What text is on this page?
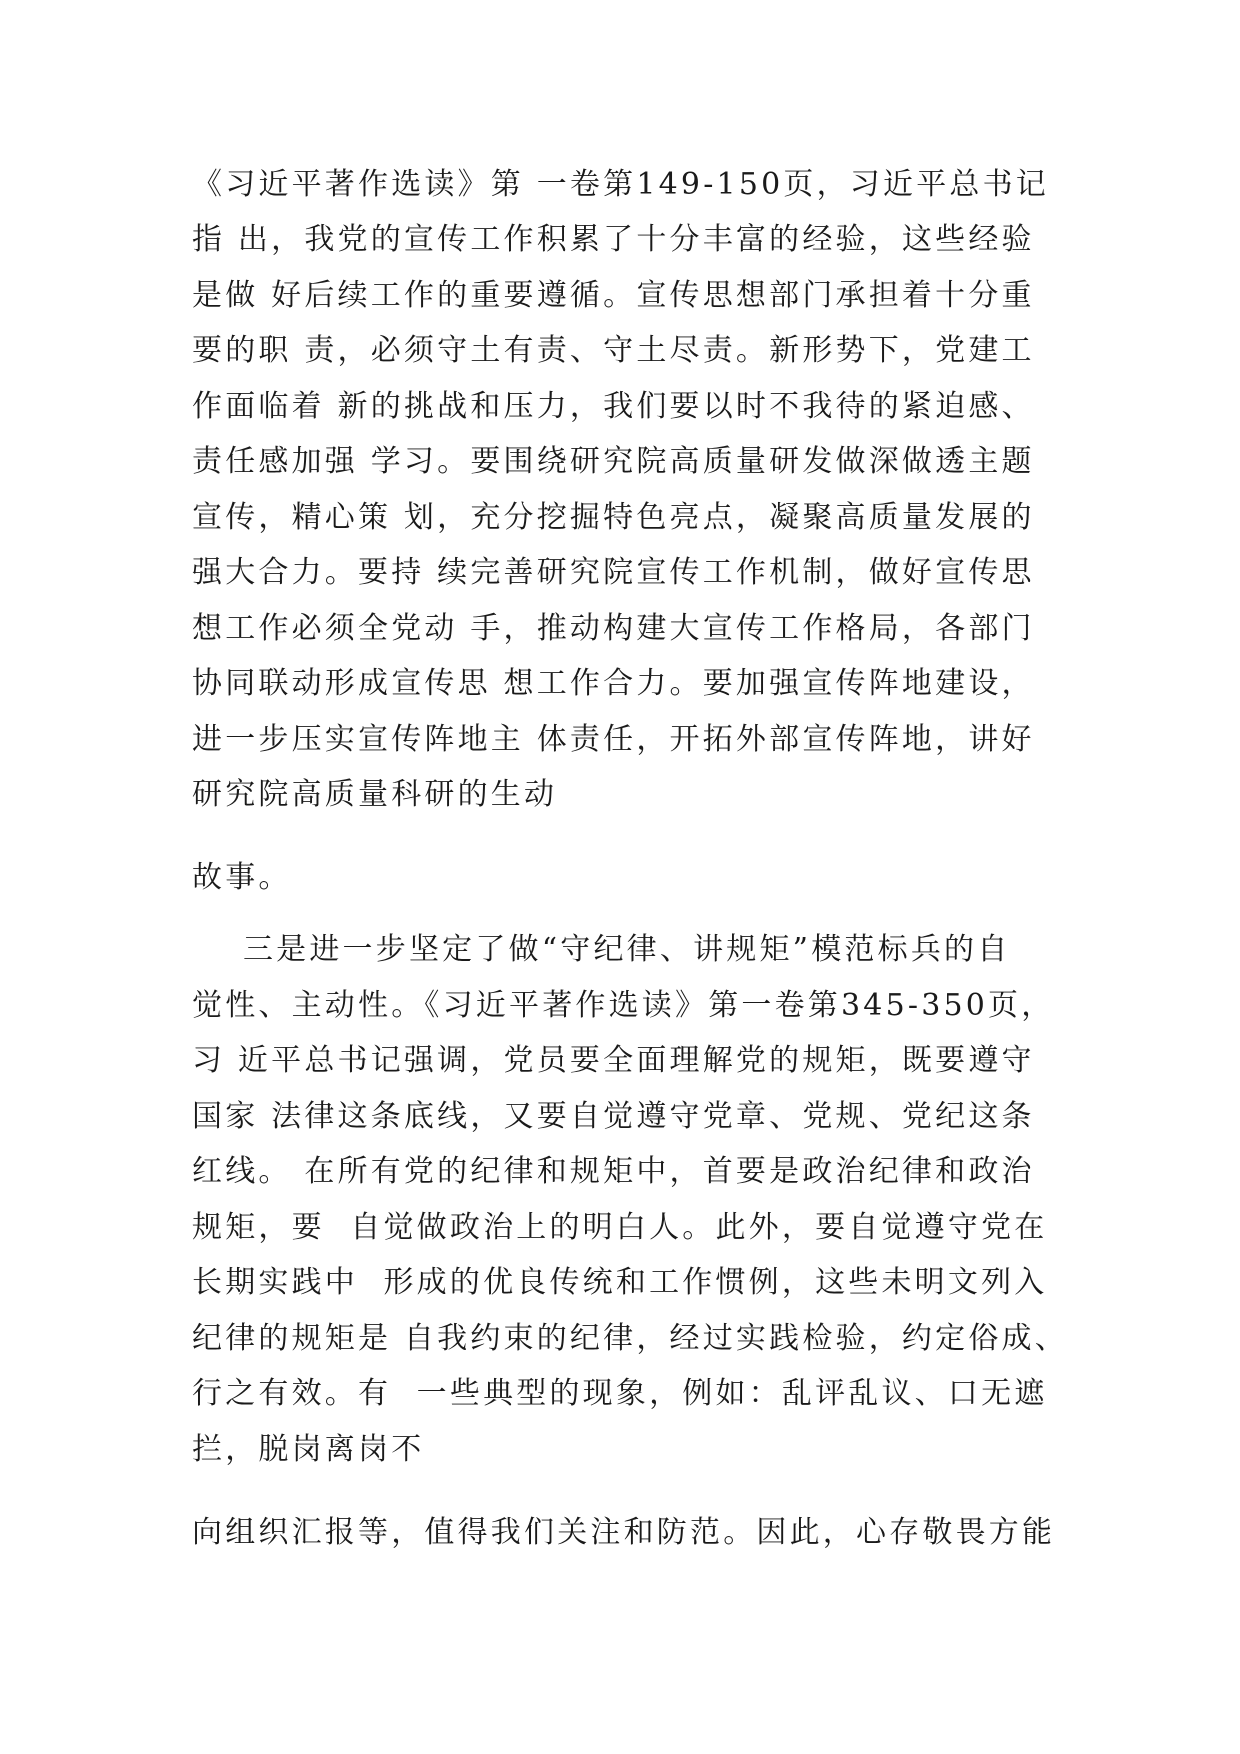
《习近平著作选读》第 一卷第149-150页，习近平总书记
指 出，我党的宣传工作积累了十分丰富的经验，这些经验
是做 好后续工作的重要遵循。宣传思想部门承担着十分重
要的职 责，必须守土有责、守土尽责。新形势下，党建工
作面临着 新的挑战和压力，我们要以时不我待的紧迫感、
责任感加强 学习。要围绕研究院高质量研发做深做透主题
宣传，精心策 划，充分挖掘特色亮点，凝聚高质量发展的
强大合力。要持 续完善研究院宣传工作机制，做好宣传思
想工作必须全党动 手，推动构建大宣传工作格局，各部门
协同联动形成宣传思 想工作合力。要加强宣传阵地建设，
进一步压实宣传阵地主 体责任，开拓外部宣传阵地，讲好
研究院高质量科研的生动
故事。
三是进一步坚定了做“守纪律、讲规矩”模范标兵的自
觉性、主动性。《习近平著作选读》第一卷第345-350页，
习 近平总书记强调，党员要全面理解党的规矩，既要遵守
国家 法律这条底线，又要自觉遵守党章、党规、党纪这条
红线。 在所有党的纪律和规矩中，首要是政治纪律和政治
规矩，要  自觉做政治上的明白人。此外，要自觉遵守党在
长期实践中  形成的优良传统和工作惯例，这些未明文列入
纪律的规矩是 自我约束的纪律，经过实践检验，约定俗成、
行之有效。有  一些典型的现象，例如：乱评乱议、口无遮
拦，脱岗离岗不
向组织汇报等，值得我们关注和防范。因此，心存敬畏方能
